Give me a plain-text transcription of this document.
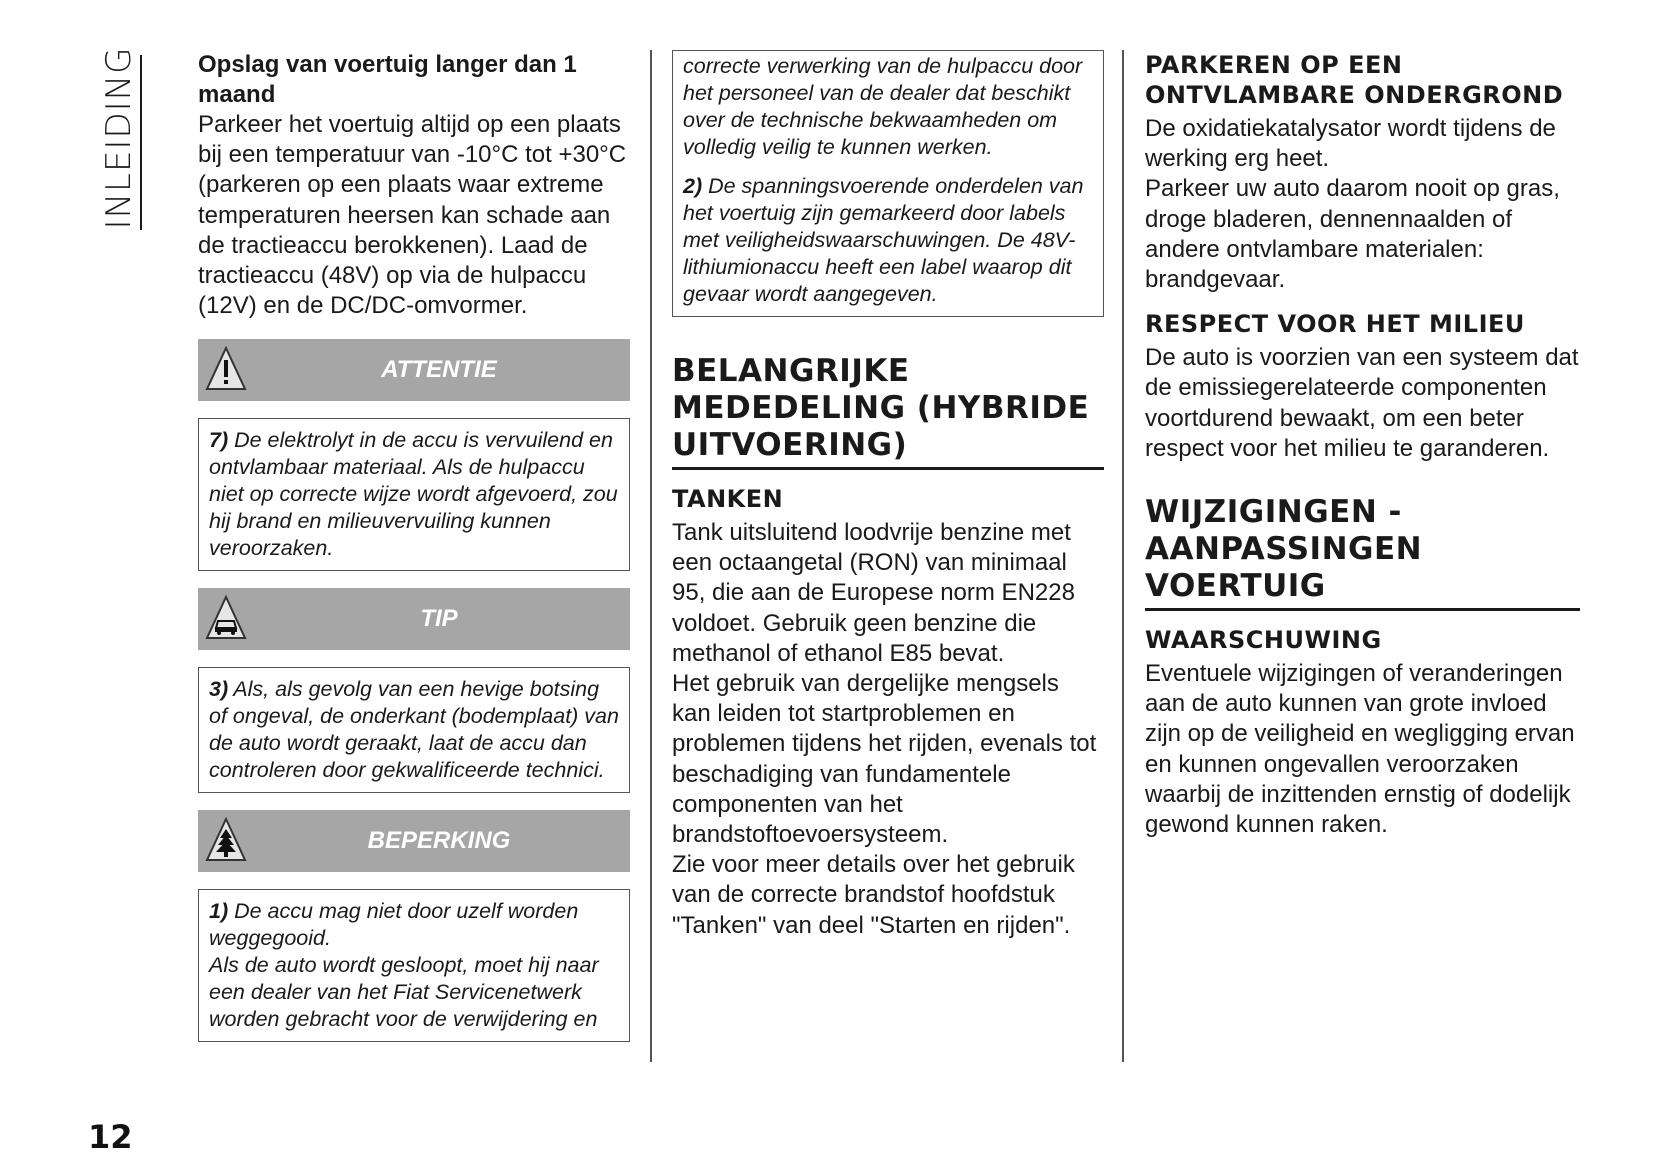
INLEIDING Opslag van voertuig langer dan 1 maand

Parkeer het voertuig altijd op een plaats bij een temperatuur van -10°C tot +30°C (parkeren op een plaats waar extreme temperaturen heersen kan schade aan de tractieaccu berokkenen). Laad de tractieaccu (48V) op via de hulpaccu (12V) en de DC/DC-omvormer.

ATTENTIE

7) De elektrolyt in de accu is vervuilend en ontvlambaar materiaal. Als de hulpaccu niet op correcte wijze wordt afgevoerd, zou hij brand en milieuvervuiling kunnen veroorzaken.

TIP

3) Als, als gevolg van een hevige botsing of ongeval, de onderkant (bodemplaat) van de auto wordt geraakt, laat de accu dan controleren door gekwalificeerde technici.

BEPERKING

1) De accu mag niet door uzelf worden weggegooid.

Als de auto wordt gesloopt, moet hij naar een dealer van het Fiat Servicenetwerk worden gebracht voor de verwijdering en

correcte verwerking van de hulpaccu door het personeel van de dealer dat beschikt over de technische bekwaamheden om volledig veilig te kunnen werken.

2) De spanningsvoerende onderdelen van het voertuig zijn gemarkeerd door labels met veiligheidswaarschuwingen. De 48V-lithiumionaccu heeft een label waarop dit gevaar wordt aangegeven.

BELANGRIJKE MEDEDELING (HYBRIDE UITVOERING)
TANKEN

Tank uitsluitend loodvrije benzine met een octaangetal (RON) van minimaal 95, die aan de Europese norm EN228 voldoet. Gebruik geen benzine die methanol of ethanol E85 bevat.
Het gebruik van dergelijke mengsels kan leiden tot startproblemen en problemen tijdens het rijden, evenals tot beschadiging van fundamentele componenten van het brandstoftoevoersysteem.
Zie voor meer details over het gebruik van de correcte brandstof hoofdstuk "Tanken" van deel "Starten en rijden".

PARKEREN OP EEN ONTVLAMBARE ONDERGROND

De oxidatiekatalysator wordt tijdens de werking erg heet.
Parkeer uw auto daarom nooit op gras, droge bladeren, dennennaalden of andere ontvlambare materialen: brandgevaar.

RESPECT VOOR HET MILIEU

De auto is voorzien van een systeem dat de emissiegerelateerde componenten voortdurend bewaakt, om een beter respect voor het milieu te garanderen.

WIJZIGINGEN - AANPASSINGEN VOERTUIG
WAARSCHUWING

Eventuele wijzigingen of veranderingen aan de auto kunnen van grote invloed zijn op de veiligheid en wegligging ervan en kunnen ongevallen veroorzaken waarbij de inzittenden ernstig of dodelijk gewond kunnen raken.

12
